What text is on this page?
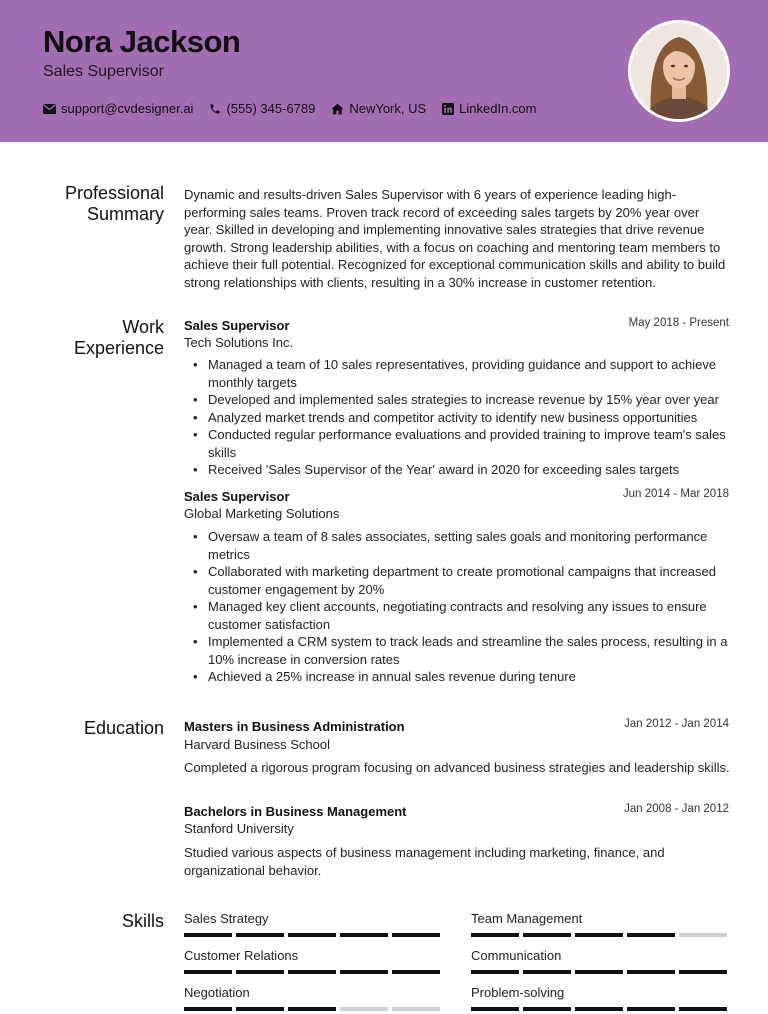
Nora Jackson
Sales Supervisor
support@cvdesigner.ai	(555) 345-6789	NewYork, US	LinkedIn.com
Professional
Summary
Dynamic and results-driven Sales Supervisor with 6 years of experience leading high-performing sales teams. Proven track record of exceeding sales targets by 20% year over year. Skilled in developing and implementing innovative sales strategies that drive revenue growth. Strong leadership abilities, with a focus on coaching and mentoring team members to achieve their full potential. Recognized for exceptional communication skills and ability to build strong relationships with clients, resulting in a 30% increase in customer retention.
Work
Experience
Sales Supervisor	May 2018 - Present
Tech Solutions Inc.
• Managed a team of 10 sales representatives, providing guidance and support to achieve monthly targets
• Developed and implemented sales strategies to increase revenue by 15% year over year
• Analyzed market trends and competitor activity to identify new business opportunities
• Conducted regular performance evaluations and provided training to improve team's sales skills
• Received 'Sales Supervisor of the Year' award in 2020 for exceeding sales targets
Sales Supervisor	Jun 2014 - Mar 2018
Global Marketing Solutions
• Oversaw a team of 8 sales associates, setting sales goals and monitoring performance metrics
• Collaborated with marketing department to create promotional campaigns that increased customer engagement by 20%
• Managed key client accounts, negotiating contracts and resolving any issues to ensure customer satisfaction
• Implemented a CRM system to track leads and streamline the sales process, resulting in a 10% increase in conversion rates
• Achieved a 25% increase in annual sales revenue during tenure
Education Masters in Business Administration	Jan 2012 - Jan 2014
Harvard Business School
Completed a rigorous program focusing on advanced business strategies and leadership skills.
Bachelors in Business Management	Jan 2008 - Jan 2012
Stanford University
Studied various aspects of business management including marketing, finance, and organizational behavior.
Skills Sales Strategy	Team Management
Customer Relations	Communication
Negotiation	Problem-solving
